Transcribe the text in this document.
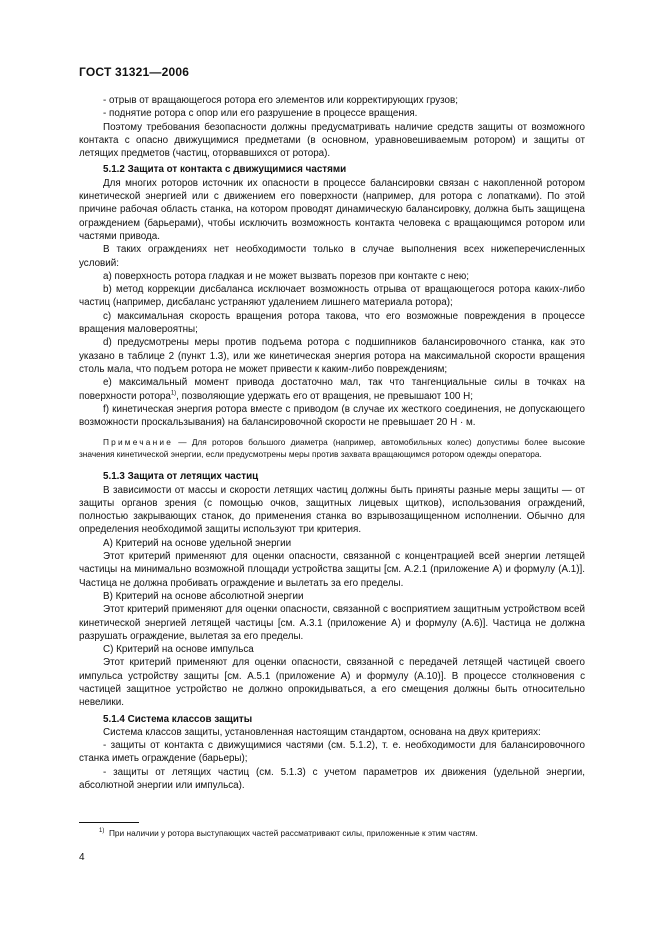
ГОСТ 31321—2006

- отрыв от вращающегося ротора его элементов или корректирующих грузов;

- поднятие ротора с опор или его разрушение в процессе вращения.

Поэтому требования безопасности должны предусматривать наличие средств защиты от возможного контакта с опасно движущимися предметами (в основном, уравновешиваемым ротором) и защиты от летящих предметов (частиц, оторвавшихся от ротора).

5.1.2 Защита от контакта с движущимися частями

Для многих роторов источник их опасности в процессе балансировки связан с накопленной ротором кинетической энергией или с движением его поверхности (например, для ротора с лопатками). По этой причине рабочая область станка, на котором проводят динамическую балансировку, должна быть защищена ограждением (барьерами), чтобы исключить возможность контакта человека с вращающимся ротором или частями привода.

В таких ограждениях нет необходимости только в случае выполнения всех нижеперечисленных условий:

a) поверхность ротора гладкая и не может вызвать порезов при контакте с нею;

b) метод коррекции дисбаланса исключает возможность отрыва от вращающегося ротора каких-либо частиц (например, дисбаланс устраняют удалением лишнего материала ротора);

c) максимальная скорость вращения ротора такова, что его возможные повреждения в процессе вращения маловероятны;

d) предусмотрены меры против подъема ротора с подшипников балансировочного станка, как это указано в таблице 2 (пункт 1.3), или же кинетическая энергия ротора на максимальной скорости вращения столь мала, что подъем ротора не может привести к каким-либо повреждениям;

e) максимальный момент привода достаточно мал, так что тангенциальные силы в точках на поверхности ротора$^{1)}$, позволяющие удержать его от вращения, не превышают 100 Н;

f) кинетическая энергия ротора вместе с приводом (в случае их жесткого соединения, не допускающего возможности проскальзывания) на балансировочной скорости не превышает 20 Н · м.

Примечание — Для роторов большого диаметра (например, автомобильных колес) допустимы более высокие значения кинетической энергии, если предусмотрены меры против захвата вращающимся ротором одежды оператора.

5.1.3 Защита от летящих частиц

В зависимости от массы и скорости летящих частиц должны быть приняты разные меры защиты — от защиты органов зрения (с помощью очков, защитных лицевых щитков), использования ограждений, полностью закрывающих станок, до применения станка во взрывозащищенном исполнении. Обычно для определения необходимой защиты используют три критерия.

А) Критерий на основе удельной энергии

Этот критерий применяют для оценки опасности, связанной с концентрацией всей энергии летящей частицы на минимально возможной площади устройства защиты [см. А.2.1 (приложение А) и формулу (А.1)]. Частица не должна пробивать ограждение и вылетать за его пределы.

В) Критерий на основе абсолютной энергии

Этот критерий применяют для оценки опасности, связанной с восприятием защитным устройством всей кинетической энергией летящей частицы [см. А.3.1 (приложение А) и формулу (А.6)]. Частица не должна разрушать ограждение, вылетая за его пределы.

С) Критерий на основе импульса

Этот критерий применяют для оценки опасности, связанной с передачей летящей частицей своего импульса устройству защиты [см. А.5.1 (приложение А) и формулу (А.10)]. В процессе столкновения с частицей защитное устройство не должно опрокидываться, а его смещения должны быть относительно невелики.

5.1.4 Система классов защиты

Система классов защиты, установленная настоящим стандартом, основана на двух критериях:

- защиты от контакта с движущимися частями (см. 5.1.2), т. е. необходимости для балансировочного станка иметь ограждение (барьеры);

- защиты от летящих частиц (см. 5.1.3) с учетом параметров их движения (удельной энергии, абсолютной энергии или импульса).

$^{1)}$ При наличии у ротора выступающих частей рассматривают силы, приложенные к этим частям.
4
